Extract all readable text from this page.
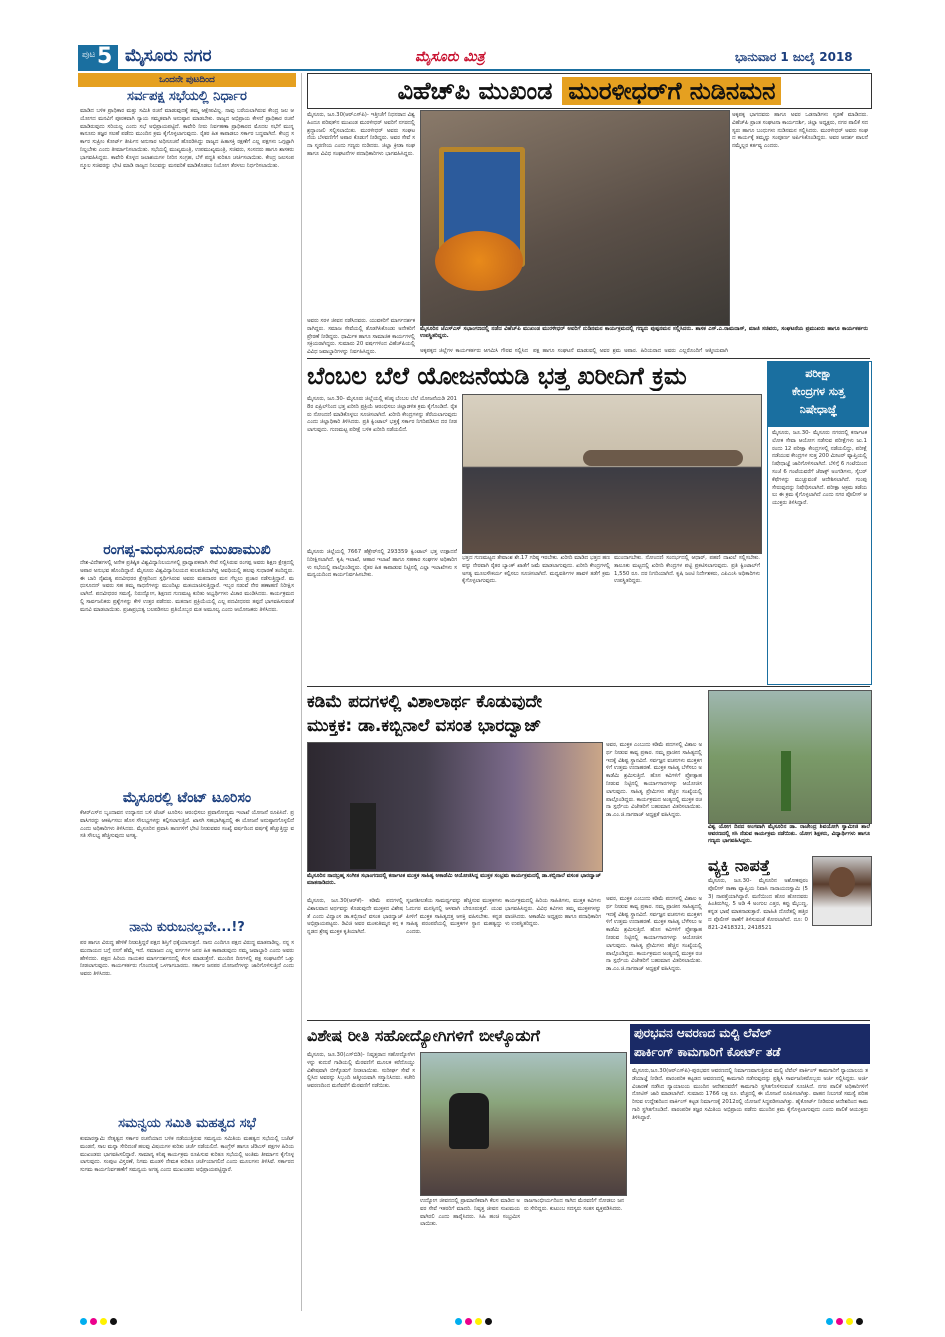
ಪುಟ 5 ಮೈಸೂರು ನಗರ	ಮೈಸೂರು ಮಿತ್ರ	ಭಾನುವಾರ 1 ಜುಲೈ 2018
ಒಂದನೇ ಪುಟದಿಂದ
ಸರ್ವಪಕ್ಷ ಸಭೆಯಲ್ಲಿ ನಿರ್ಧಾರ
ಮಾಡಿದ ಬಳಿಕ ಪ್ರಾಧಿಕಾರ ಮತ್ತು ಸಮಿತಿ ರಚನೆ ಮಾಡುವುದಕ್ಕೆ ತಮ್ಮ ಆಕ್ಷೇಪವಿಲ್ಲ. ನಾವು ಬರೆಯಲಾಗಿರುವ ಕೇಂದ್ರ ಜಲ ಆಯೋಗದ ಮನವಿಗೆ ಪೂರಕವಾಗಿ ನ್ಯಾಯ ಸಮ್ಮತವಾಗಿ ಅನುಷ್ಠಾನ ಮಾಡಬೇಕು. ರಾಜ್ಯದ ಅಭಿಪ್ರಾಯ ಕೇಳದೆ ಪ್ರಾಧಿಕಾರ ರಚನೆ ಮಾಡಿರುವುದು ಸರಿಯಲ್ಲ ಎಂದು ಸಭೆ ಅಭಿಪ್ರಾಯಪಟ್ಟಿದೆ. ಕಾವೇರಿ ನೀರು ನಿರ್ವಹಣಾ ಪ್ರಾಧಿಕಾರದ ಮೊದಲ ಸಭೆಗೆ ಮುನ್ನ ಕಾನೂನು ತಜ್ಞರ ಸಲಹೆ ಪಡೆದು ಮುಂದಿನ ಕ್ರಮ ಕೈಗೊಳ್ಳಲಾಗುವುದು. ರೈತರ ಹಿತ ಕಾಪಾಡಲು ಸರ್ಕಾರ ಬದ್ಧವಾಗಿದೆ. ಕೇಂದ್ರ ಸರ್ಕಾರ ಸುಪ್ರೀಂ ಕೋರ್ಟ್ ತೀರ್ಪಿನ ಅನುಸಾರ ಅಧಿಸೂಚನೆ ಹೊರಡಿಸಿದ್ದು ರಾಜ್ಯದ ಹಿತಾಸಕ್ತಿ ರಕ್ಷಣೆಗೆ ಎಲ್ಲ ಪಕ್ಷಗಳು ಒಗ್ಗಟ್ಟಾಗಿ ನಿಲ್ಲಬೇಕು ಎಂದು ತೀರ್ಮಾನಿಸಲಾಯಿತು. ಸಭೆಯಲ್ಲಿ ಮುಖ್ಯಮಂತ್ರಿ, ಉಪಮುಖ್ಯಮಂತ್ರಿ, ಸಚಿವರು, ಸಂಸದರು ಹಾಗೂ ಶಾಸಕರು ಭಾಗವಹಿಸಿದ್ದರು. ಕಾವೇರಿ ಕೊಳ್ಳದ ಜಲಾಶಯಗಳ ನೀರಿನ ಸಂಗ್ರಹ, ಬೆಳೆ ಪದ್ಧತಿ ಕುರಿತೂ ಚರ್ಚಿಸಲಾಯಿತು. ಕೇಂದ್ರ ಜಲಸಂಪನ್ಮೂಲ ಸಚಿವರನ್ನು ಭೇಟಿ ಮಾಡಿ ರಾಜ್ಯದ ನಿಲುವನ್ನು ಮನವರಿಕೆ ಮಾಡಿಕೊಡಲು ನಿಯೋಗ ತೆರಳಲು ನಿರ್ಧರಿಸಲಾಯಿತು.
ರಂಗಪ್ಪ-ಮಧುಸೂದನ್ ಮುಖಾಮುಖಿ
ದೇಶ-ವಿದೇಶಗಳಲ್ಲಿ ಅನೇಕ ಪ್ರತಿಷ್ಠಿತ ವಿಶ್ವವಿದ್ಯಾನಿಲಯಗಳಲ್ಲಿ ಪ್ರಾಧ್ಯಾಪಕರಾಗಿ ಸೇವೆ ಸಲ್ಲಿಸಿರುವ ರಂಗಪ್ಪ ಅವರು ಶಿಕ್ಷಣ ಕ್ಷೇತ್ರದಲ್ಲಿ ಅಪಾರ ಅನುಭವ ಹೊಂದಿದ್ದಾರೆ. ಮೈಸೂರು ವಿಶ್ವವಿದ್ಯಾನಿಲಯದ ಕುಲಪತಿಯಾಗಿದ್ದ ಅವಧಿಯಲ್ಲಿ ಹಲವು ಸುಧಾರಣೆ ತಂದಿದ್ದರು. ಈ ಬಾರಿ ನೈಋತ್ಯ ಪದವೀಧರರ ಕ್ಷೇತ್ರದಿಂದ ಸ್ಪರ್ಧಿಸಿರುವ ಅವರು ಮತದಾರರ ಮನ ಗೆಲ್ಲಲು ಪ್ರಚಾರ ನಡೆಸುತ್ತಿದ್ದಾರೆ. ಮಧುಸೂದನ್ ಅವರು ಸಹ ತಮ್ಮ ಸಾಧನೆಗಳನ್ನು ಮುಂದಿಟ್ಟು ಮತಯಾಚಿಸುತ್ತಿದ್ದಾರೆ. ಇಬ್ಬರ ನಡುವೆ ನೇರ ಹಣಾಹಣಿ ನಿರೀಕ್ಷಿಸಲಾಗಿದೆ. ಪದವೀಧರರ ಸಮಸ್ಯೆ, ನಿರುದ್ಯೋಗ, ಶಿಕ್ಷಣದ ಗುಣಮಟ್ಟ ಕುರಿತು ಅಭ್ಯರ್ಥಿಗಳು ವಿಚಾರ ಮಂಡಿಸಿದರು. ಕಾರ್ಯಕ್ರಮದಲ್ಲಿ ಸಾರ್ವಜನಿಕರು ಪ್ರಶ್ನೆಗಳನ್ನು ಕೇಳಿ ಉತ್ತರ ಪಡೆದರು. ಮತದಾನ ಪ್ರಕ್ರಿಯೆಯಲ್ಲಿ ಎಲ್ಲ ಪದವೀಧರರು ತಪ್ಪದೆ ಭಾಗವಹಿಸುವಂತೆ ಮನವಿ ಮಾಡಲಾಯಿತು. ಪ್ರಜಾಪ್ರಭುತ್ವ ಬಲಪಡಿಸಲು ಪ್ರತಿಯೊಬ್ಬರ ಮತ ಅಮೂಲ್ಯ ಎಂದು ಆಯೋಜಕರು ತಿಳಿಸಿದರು.
ಮೈಸೂರಲ್ಲಿ ಟೆಂಟ್ ಟೂರಿಸಂ
ಕೆಆರ್‌ಎಸ್‌ನ ಬೃಂದಾವನ ಉದ್ಯಾನದ ಬಳಿ ಟೆಂಟ್ ಟೂರಿಸಂ ಆರಂಭಿಸಲು ಪ್ರವಾಸೋದ್ಯಮ ಇಲಾಖೆ ಯೋಜನೆ ರೂಪಿಸಿದೆ. ಪ್ರವಾಸಿಗರನ್ನು ಆಕರ್ಷಿಸಲು ಹೊಸ ಸೌಲಭ್ಯಗಳನ್ನು ಕಲ್ಪಿಸಲಾಗುತ್ತಿದೆ. ಖಾಸಗಿ ಸಹಭಾಗಿತ್ವದಲ್ಲಿ ಈ ಯೋಜನೆ ಅನುಷ್ಠಾನಗೊಳ್ಳಲಿದೆ ಎಂದು ಅಧಿಕಾರಿಗಳು ತಿಳಿಸಿದರು. ಮೈಸೂರಿನ ಪ್ರವಾಸಿ ತಾಣಗಳಿಗೆ ಭೇಟಿ ನೀಡುವವರ ಸಂಖ್ಯೆ ವರ್ಷದಿಂದ ವರ್ಷಕ್ಕೆ ಹೆಚ್ಚುತ್ತಿದ್ದು ವಸತಿ ಸೌಲಭ್ಯ ಹೆಚ್ಚಿಸುವುದು ಅಗತ್ಯ.
ನಾನು ಕುರುಬನಲ್ಲವೇ...!?
ಪರ ಹಾಗೂ ವಿರುದ್ಧ ಹೇಳಿಕೆ ನೀಡುತ್ತಿದ್ದರೆ ಪಕ್ಷದ ಶಿಸ್ತಿಗೆ ಧಕ್ಕೆಯಾಗುತ್ತದೆ. ನಾನು ಎಂದಿಗೂ ಪಕ್ಷದ ವಿರುದ್ಧ ಮಾತನಾಡಿಲ್ಲ. ನನ್ನ ಸಮುದಾಯದ ಬಗ್ಗೆ ನನಗೆ ಹೆಮ್ಮೆ ಇದೆ. ಸಮಾಜದ ಎಲ್ಲ ವರ್ಗಗಳ ಜನರ ಹಿತ ಕಾಪಾಡುವುದು ನಮ್ಮ ಜವಾಬ್ದಾರಿ ಎಂದು ಅವರು ಹೇಳಿದರು. ಪಕ್ಷದ ಹಿರಿಯ ನಾಯಕರ ಮಾರ್ಗದರ್ಶನದಲ್ಲಿ ಕೆಲಸ ಮಾಡುತ್ತೇನೆ. ಮುಂದಿನ ದಿನಗಳಲ್ಲಿ ಪಕ್ಷ ಸಂಘಟನೆಗೆ ಒತ್ತು ನೀಡಲಾಗುವುದು. ಕಾರ್ಯಕರ್ತರು ಗೊಂದಲಕ್ಕೆ ಒಳಗಾಗಬಾರದು. ಸರ್ಕಾರ ಜನಪರ ಯೋಜನೆಗಳನ್ನು ಜಾರಿಗೊಳಿಸುತ್ತಿದೆ ಎಂದು ಅವರು ತಿಳಿಸಿದರು.
ಸಮನ್ವಯ ಸಮಿತಿ ಮಹತ್ವದ ಸಭೆ
ಕುಮಾರಸ್ವಾಮಿ ನೇತೃತ್ವದ ಸರ್ಕಾರ ರಚನೆಯಾದ ಬಳಿಕ ನಡೆಯುತ್ತಿರುವ ಸಮನ್ವಯ ಸಮಿತಿಯ ಮಹತ್ವದ ಸಭೆಯಲ್ಲಿ ಬಜೆಟ್ ಮಂಡನೆ, ಸಾಲ ಮನ್ನಾ ಸೇರಿದಂತೆ ಹಲವು ವಿಷಯಗಳ ಕುರಿತು ಚರ್ಚೆ ನಡೆಯಲಿದೆ. ಕಾಂಗ್ರೆಸ್ ಹಾಗೂ ಜೆಡಿಎಸ್ ಪಕ್ಷಗಳ ಹಿರಿಯ ಮುಖಂಡರು ಭಾಗವಹಿಸಲಿದ್ದಾರೆ. ಸಾಮಾನ್ಯ ಕನಿಷ್ಠ ಕಾರ್ಯಕ್ರಮ ರೂಪಿಸುವ ಕುರಿತೂ ಸಭೆಯಲ್ಲಿ ಅಂತಿಮ ತೀರ್ಮಾನ ಕೈಗೊಳ್ಳಲಾಗುವುದು. ಸಂಪುಟ ವಿಸ್ತರಣೆ, ನಿಗಮ ಮಂಡಳಿ ನೇಮಕ ಕುರಿತೂ ಚರ್ಚೆಯಾಗಲಿದೆ ಎಂದು ಮೂಲಗಳು ತಿಳಿಸಿವೆ. ಸರ್ಕಾರದ ಸುಗಮ ಕಾರ್ಯನಿರ್ವಹಣೆಗೆ ಸಮನ್ವಯ ಅಗತ್ಯ ಎಂದು ಮುಖಂಡರು ಅಭಿಪ್ರಾಯಪಟ್ಟಿದ್ದಾರೆ.
ವಿಹೆಚ್‌ಪಿ ಮುಖಂಡ ಮುರಳೀಧರ್‌ಗೆ ನುಡಿನಮನ
ಮೈಸೂರು, ಜೂ.30(ಆರ್‌ಎಸ್‌ಪಿ)- ಇತ್ತೀಚೆಗೆ ನಿಧನರಾದ ವಿಶ್ವ ಹಿಂದೂ ಪರಿಷತ್‌ನ ಮುಖಂಡ ಮುರಳೀಧರ್ ಅವರಿಗೆ ನಗರದಲ್ಲಿ ಶ್ರದ್ಧಾಂಜಲಿ ಸಲ್ಲಿಸಲಾಯಿತು. ಮುರಳೀಧರ್ ಅವರು ಸಂಘಟನೆಯ ಬೆಳವಣಿಗೆಗೆ ಅಪಾರ ಕೊಡುಗೆ ನೀಡಿದ್ದರು. ಅವರ ಸೇವೆ ಸದಾ ಸ್ಮರಣೀಯ ಎಂದು ಗಣ್ಯರು ನುಡಿದರು. ಜಿಲ್ಲಾ ಕ್ರೀಡಾ ಸಂಘ ಹಾಗೂ ವಿವಿಧ ಸಂಘಟನೆಗಳ ಪದಾಧಿಕಾರಿಗಳು ಭಾಗವಹಿಸಿದ್ದರು.
ಮೈಸೂರಿನ ಜೆಎಸ್‌ಎಸ್ ಸಭಾಂಗಣದಲ್ಲಿ ನಡೆದ ವಿಹೆಚ್‌ಪಿ ಮುಖಂಡ ಮುರಳೀಧರ್ ಅವರಿಗೆ ನುಡಿನಮನ ಕಾರ್ಯಕ್ರಮದಲ್ಲಿ ಗಣ್ಯರು ಪುಷ್ಪನಮನ ಸಲ್ಲಿಸಿದರು. ಶಾಸಕ ಎಸ್.ಎ.ರಾಮದಾಸ್, ಮಾಜಿ ಸಚಿವರು, ಸಂಘಟನೆಯ ಪ್ರಮುಖರು ಹಾಗೂ ಕಾರ್ಯಕರ್ತರು ಉಪಸ್ಥಿತರಿದ್ದರು.
ಅಕ್ಕಪಕ್ಕ ಭಾಗದವರು ಹಾಗೂ ಅವರ ಒಡನಾಡಿಗಳು ಸ್ಮರಣೆ ಮಾಡಿದರು. ವಿಹೆಚ್‌ಪಿ ಪ್ರಾಂತ ಸಂಘಟನಾ ಕಾರ್ಯದರ್ಶಿ, ಜಿಲ್ಲಾ ಅಧ್ಯಕ್ಷರು, ನಗರ ಪಾಲಿಕೆ ಸದಸ್ಯರು ಹಾಗೂ ಬಂಧುಗಳು ನುಡಿನಮನ ಸಲ್ಲಿಸಿದರು. ಮುರಳೀಧರ್ ಅವರು ಸಂಘದ ಕಾರ್ಯಕ್ಕೆ ತಮ್ಮನ್ನು ಸಂಪೂರ್ಣ ಅರ್ಪಿಸಿಕೊಂಡಿದ್ದರು. ಅವರ ಆದರ್ಶ ಪಾಲನೆ ನಮ್ಮೆಲ್ಲರ ಕರ್ತವ್ಯ ಎಂದರು.
ಅವರು ಸರಳ ಜೀವನ ನಡೆಸಿದವರು. ಯುವಕರಿಗೆ ಮಾರ್ಗದರ್ಶಕರಾಗಿದ್ದರು. ಸಮಾಜ ಸೇವೆಯಲ್ಲಿ ತೊಡಗಿಸಿಕೊಂಡು ಅನೇಕರಿಗೆ ಪ್ರೇರಣೆ ನೀಡಿದ್ದರು. ಧಾರ್ಮಿಕ ಹಾಗೂ ಸಾಮಾಜಿಕ ಕಾರ್ಯಗಳಲ್ಲಿ ಸಕ್ರಿಯರಾಗಿದ್ದರು. ಸುಮಾರು 20 ವರ್ಷಗಳಿಂದ ವಿಹೆಚ್‌ಪಿಯಲ್ಲಿ ವಿವಿಧ ಜವಾಬ್ದಾರಿಗಳನ್ನು ನಿರ್ವಹಿಸಿದ್ದರು.	ಅಕ್ಕಪಕ್ಕದ ಜಿಲ್ಲೆಗಳ ಕಾರ್ಯಕರ್ತರು ಆಗಮಿಸಿ ಗೌರವ ಸಲ್ಲಿಸಿದ ಪಕ್ಷ ಹಾಗೂ ಸಂಘಟನೆ ಮಾಡುವಲ್ಲಿ ಅವರ ಶ್ರಮ ಅಪಾರ. ಹಿರಿಯರಾದ ಅವರು ಎಲ್ಲರೊಂದಿಗೆ ಆತ್ಮೀಯವಾಗಿ
ಬೆಂಬಲ ಬೆಲೆ ಯೋಜನೆಯಡಿ ಭತ್ತ ಖರೀದಿಗೆ ಕ್ರಮ
ಮೈಸೂರು, ಜೂ.30- ಮೈಸೂರು ಜಿಲ್ಲೆಯಲ್ಲಿ ಕನಿಷ್ಠ ಬೆಂಬಲ ಬೆಲೆ ಯೋಜನೆಯಡಿ 2018ರ ಏಪ್ರಿಲ್‌ನಿಂದ ಭತ್ತ ಖರೀದಿ ಪ್ರಕ್ರಿಯೆ ಆರಂಭಿಸಲು ಜಿಲ್ಲಾಡಳಿತ ಕ್ರಮ ಕೈಗೊಂಡಿದೆ. ರೈತರು ನೋಂದಣಿ ಮಾಡಿಕೊಳ್ಳಲು ಸೂಚಿಸಲಾಗಿದೆ. ಖರೀದಿ ಕೇಂದ್ರಗಳನ್ನು ತೆರೆಯಲಾಗುವುದು ಎಂದು ಜಿಲ್ಲಾಧಿಕಾರಿ ತಿಳಿಸಿದರು. ಪ್ರತಿ ಕ್ವಿಂಟಾಲ್ ಭತ್ತಕ್ಕೆ ಸರ್ಕಾರ ನಿಗದಿಪಡಿಸಿದ ದರ ನೀಡಲಾಗುವುದು. ಗುಣಮಟ್ಟ ಪರೀಕ್ಷೆ ಬಳಿಕ ಖರೀದಿ ನಡೆಯಲಿದೆ.
ಭತ್ತದ ಗುಣಮಟ್ಟದ ತೇವಾಂಶ ಶೇ.17 ಗರಿಷ್ಠ ಇರಬೇಕು. ಖರೀದಿ ಮಾಡಿದ ಭತ್ತದ ಹಣವನ್ನು ನೇರವಾಗಿ ರೈತರ ಬ್ಯಾಂಕ್ ಖಾತೆಗೆ ಜಮೆ ಮಾಡಲಾಗುವುದು. ಖರೀದಿ ಕೇಂದ್ರಗಳಲ್ಲಿ ಅಗತ್ಯ ಮೂಲಸೌಕರ್ಯ ಕಲ್ಪಿಸಲು ಸೂಚಿಸಲಾಗಿದೆ. ಮಧ್ಯವರ್ತಿಗಳ ಹಾವಳಿ ತಡೆಗೆ ಕ್ರಮ ಕೈಗೊಳ್ಳಲಾಗುವುದು.
ಮೈಸೂರು ಜಿಲ್ಲೆಯಲ್ಲಿ 7667 ಹೆಕ್ಟೇರ್‌ನಲ್ಲಿ 293359 ಕ್ವಿಂಟಾಲ್ ಭತ್ತ ಉತ್ಪಾದನೆ ನಿರೀಕ್ಷಿಸಲಾಗಿದೆ. ಕೃಷಿ ಇಲಾಖೆ, ಆಹಾರ ಇಲಾಖೆ ಹಾಗೂ ಸಹಕಾರ ಸಂಘಗಳ ಅಧಿಕಾರಿಗಳು ಸಭೆಯಲ್ಲಿ ಪಾಲ್ಗೊಂಡಿದ್ದರು. ರೈತರ ಹಿತ ಕಾಪಾಡುವ ನಿಟ್ಟಿನಲ್ಲಿ ಎಲ್ಲಾ ಇಲಾಖೆಗಳು ಸಮನ್ವಯದಿಂದ ಕಾರ್ಯನಿರ್ವಹಿಸಬೇಕು.
ಮುಂದಾಗಬೇಕು. ನೋಂದಣಿ ಸಂದರ್ಭದಲ್ಲಿ ಆಧಾರ್, ಪಹಣಿ ದಾಖಲೆ ಸಲ್ಲಿಸಬೇಕು. ತಾಲೂಕು ಮಟ್ಟದಲ್ಲಿ ಖರೀದಿ ಕೇಂದ್ರಗಳ ಪಟ್ಟಿ ಪ್ರಕಟಿಸಲಾಗುವುದು. ಪ್ರತಿ ಕ್ವಿಂಟಾಲ್‌ಗೆ 1,550 ರೂ. ದರ ನಿಗದಿಯಾಗಿದೆ. ಕೃಷಿ ಜಂಟಿ ನಿರ್ದೇಶಕರು, ಎಪಿಎಂಸಿ ಅಧಿಕಾರಿಗಳು ಉಪಸ್ಥಿತರಿದ್ದರು.
ಪರೀಕ್ಷಾ
ಕೇಂದ್ರಗಳ ಸುತ್ತ
ನಿಷೇಧಾಜ್ಞೆ
ಮೈಸೂರು, ಜೂ.30- ಮೈಸೂರು ನಗರದಲ್ಲಿ ಕರ್ನಾಟಕ ಲೋಕ ಸೇವಾ ಆಯೋಗ ನಡೆಸುವ ಪರೀಕ್ಷೆಗಳು ಜು.1ರಂದು 12 ಪರೀಕ್ಷಾ ಕೇಂದ್ರಗಳಲ್ಲಿ ನಡೆಯಲಿದ್ದು, ಪರೀಕ್ಷೆ ನಡೆಯುವ ಕೇಂದ್ರಗಳ ಸುತ್ತ 200 ಮೀಟರ್ ವ್ಯಾಪ್ತಿಯಲ್ಲಿ ನಿಷೇಧಾಜ್ಞೆ ಜಾರಿಗೊಳಿಸಲಾಗಿದೆ. ಬೆಳಿಗ್ಗೆ 6 ಗಂಟೆಯಿಂದ ಸಂಜೆ 6 ಗಂಟೆಯವರೆಗೆ ಜೆರಾಕ್ಸ್ ಅಂಗಡಿಗಳು, ಸೈಬರ್ ಕೆಫೆಗಳನ್ನು ಮುಚ್ಚುವಂತೆ ಆದೇಶಿಸಲಾಗಿದೆ. ಗುಂಪು ಸೇರುವುದನ್ನು ನಿಷೇಧಿಸಲಾಗಿದೆ. ಪರೀಕ್ಷಾ ಅಕ್ರಮ ತಡೆಯಲು ಈ ಕ್ರಮ ಕೈಗೊಳ್ಳಲಾಗಿದೆ ಎಂದು ನಗರ ಪೊಲೀಸ್ ಆಯುಕ್ತರು ತಿಳಿಸಿದ್ದಾರೆ.
ಕಡಿಮೆ ಪದಗಳಲ್ಲಿ ವಿಶಾಲಾರ್ಥ ಕೊಡುವುದೇ
ಮುಕ್ತಕ: ಡಾ.ಕಬ್ಬಿನಾಲೆ ವಸಂತ ಭಾರದ್ವಾಜ್
ಅವರ, ಮುಕ್ತಕ ಎಂಬುದು ಕಡಿಮೆ ಪದಗಳಲ್ಲಿ ವಿಶಾಲ ಅರ್ಥ ನೀಡುವ ಕಾವ್ಯ ಪ್ರಕಾರ. ನಮ್ಮ ಪ್ರಾಚೀನ ಸಾಹಿತ್ಯದಲ್ಲಿ ಇದಕ್ಕೆ ವಿಶಿಷ್ಟ ಸ್ಥಾನವಿದೆ. ಸರ್ವಜ್ಞನ ವಚನಗಳು ಮುಕ್ತಕಗಳಿಗೆ ಉತ್ತಮ ಉದಾಹರಣೆ. ಮುಕ್ತಕ ಸಾಹಿತ್ಯ ಬೆಳೆಸಲು ಅಕಾಡೆಮಿ ಶ್ರಮಿಸುತ್ತಿದೆ. ಹೊಸ ಕವಿಗಳಿಗೆ ಪ್ರೋತ್ಸಾಹ ನೀಡುವ ನಿಟ್ಟಿನಲ್ಲಿ ಕಾರ್ಯಾಗಾರಗಳನ್ನು ಆಯೋಜಿಸಲಾಗುವುದು. ಸಾಹಿತ್ಯ ಪ್ರೇಮಿಗಳು ಹೆಚ್ಚಿನ ಸಂಖ್ಯೆಯಲ್ಲಿ ಪಾಲ್ಗೊಂಡಿದ್ದರು. ಕಾರ್ಯಕ್ರಮದ ಅಂತ್ಯದಲ್ಲಿ ಮುಕ್ತಕ ರಚನಾ ಸ್ಪರ್ಧೆಯ ವಿಜೇತರಿಗೆ ಬಹುಮಾನ ವಿತರಿಸಲಾಯಿತು. ಡಾ.ಎಂ.ಜಿ.ನಾಗರಾಜ್ ಅಧ್ಯಕ್ಷತೆ ವಹಿಸಿದ್ದರು.
ಮೈಸೂರಿನ ನಾದಬ್ರಹ್ಮ ಸಂಗೀತ ಸಭಾಂಗಣದಲ್ಲಿ ಕರ್ನಾಟಕ ಮುಕ್ತಕ ಸಾಹಿತ್ಯ ಅಕಾಡೆಮಿ ಆಯೋಜಿಸಿದ್ದ ಮುಕ್ತಕ ಸಂಭ್ರಮ ಕಾರ್ಯಕ್ರಮದಲ್ಲಿ ಡಾ.ಕಬ್ಬಿನಾಲೆ ವಸಂತ ಭಾರದ್ವಾಜ್ ಮಾತನಾಡಿದರು.
ಮೈಸೂರು, ಜೂ.30(ಆರ್‌ಕೆ)- ಕಡಿಮೆ ಪದಗಳಲ್ಲಿ ವಿಶಾಲವಾದ ಅರ್ಥವನ್ನು ಕೊಡುವುದೇ ಮುಕ್ತಕದ ವಿಶೇಷತೆ ಎಂದು ವಿದ್ವಾಂಸ ಡಾ.ಕಬ್ಬಿನಾಲೆ ವಸಂತ ಭಾರದ್ವಾಜ್ ಅಭಿಪ್ರಾಯಪಟ್ಟರು. ಡಿವಿಜಿ ಅವರ ಮಂಕುತಿಮ್ಮನ ಕಗ್ಗ ಕನ್ನಡದ ಶ್ರೇಷ್ಠ ಮುಕ್ತಕ ಕೃತಿಯಾಗಿದೆ.
ಸೃಜನಶೀಲತೆಯ ಸಾಮರ್ಥ್ಯವನ್ನು ಹೆಚ್ಚಿಸುವ ಮುಕ್ತಕಗಳು ಓದುಗರ ಮನಸ್ಸಿನಲ್ಲಿ ಆಳವಾಗಿ ಬೇರೂರುತ್ತವೆ. ಯುವ ಪೀಳಿಗೆ ಮುಕ್ತಕ ಸಾಹಿತ್ಯದತ್ತ ಆಸಕ್ತಿ ವಹಿಸಬೇಕು. ಕನ್ನಡ ಸಾಹಿತ್ಯ ಪರಂಪರೆಯಲ್ಲಿ ಮುಕ್ತಕಗಳ ಸ್ಥಾನ ಮಹತ್ವದ್ದು ಎಂದರು.
ಕಾರ್ಯಕ್ರಮದಲ್ಲಿ ಹಿರಿಯ ಸಾಹಿತಿಗಳು, ಮುಕ್ತಕ ಕವಿಗಳು ಭಾಗವಹಿಸಿದ್ದರು. ವಿವಿಧ ಕವಿಗಳು ತಮ್ಮ ಮುಕ್ತಕಗಳನ್ನು ವಾಚಿಸಿದರು. ಅಕಾಡೆಮಿ ಅಧ್ಯಕ್ಷರು ಹಾಗೂ ಪದಾಧಿಕಾರಿಗಳು ಉಪಸ್ಥಿತರಿದ್ದರು.
ಅವರ, ಮುಕ್ತಕ ಎಂಬುದು ಕಡಿಮೆ ಪದಗಳಲ್ಲಿ ವಿಶಾಲ ಅರ್ಥ ನೀಡುವ ಕಾವ್ಯ ಪ್ರಕಾರ. ನಮ್ಮ ಪ್ರಾಚೀನ ಸಾಹಿತ್ಯದಲ್ಲಿ ಇದಕ್ಕೆ ವಿಶಿಷ್ಟ ಸ್ಥಾನವಿದೆ. ಸರ್ವಜ್ಞನ ವಚನಗಳು ಮುಕ್ತಕಗಳಿಗೆ ಉತ್ತಮ ಉದಾಹರಣೆ. ಮುಕ್ತಕ ಸಾಹಿತ್ಯ ಬೆಳೆಸಲು ಅಕಾಡೆಮಿ ಶ್ರಮಿಸುತ್ತಿದೆ. ಹೊಸ ಕವಿಗಳಿಗೆ ಪ್ರೋತ್ಸಾಹ ನೀಡುವ ನಿಟ್ಟಿನಲ್ಲಿ ಕಾರ್ಯಾಗಾರಗಳನ್ನು ಆಯೋಜಿಸಲಾಗುವುದು. ಸಾಹಿತ್ಯ ಪ್ರೇಮಿಗಳು ಹೆಚ್ಚಿನ ಸಂಖ್ಯೆಯಲ್ಲಿ ಪಾಲ್ಗೊಂಡಿದ್ದರು. ಕಾರ್ಯಕ್ರಮದ ಅಂತ್ಯದಲ್ಲಿ ಮುಕ್ತಕ ರಚನಾ ಸ್ಪರ್ಧೆಯ ವಿಜೇತರಿಗೆ ಬಹುಮಾನ ವಿತರಿಸಲಾಯಿತು. ಡಾ.ಎಂ.ಜಿ.ನಾಗರಾಜ್ ಅಧ್ಯಕ್ಷತೆ ವಹಿಸಿದ್ದರು.
ವಿಶ್ವ ಯೋಗ ದಿನದ ಅಂಗವಾಗಿ ಮೈಸೂರಿನ ಡಾ. ರಾಜೇಂದ್ರ ಶಿವಯೋಗಿ ಸ್ವಾಮೀಜಿ ಶಾಲೆ ಆವರಣದಲ್ಲಿ ಸಸಿ ನೆಡುವ ಕಾರ್ಯಕ್ರಮ ನಡೆಯಿತು. ಯೋಗ ಶಿಕ್ಷಕರು, ವಿದ್ಯಾರ್ಥಿಗಳು ಹಾಗೂ ಗಣ್ಯರು ಭಾಗವಹಿಸಿದ್ದರು.
ವ್ಯಕ್ತಿ ನಾಪತ್ತೆ
ಮೈಸೂರು, ಜೂ.30- ಮೈಸೂರಿನ ಅಶೋಕಪುರಂ ಪೊಲೀಸ್ ಠಾಣಾ ವ್ಯಾಪ್ತಿಯ ನಿವಾಸಿ ನಾರಾಯಣಸ್ವಾಮಿ (53) ನಾಪತ್ತೆಯಾಗಿದ್ದಾರೆ. ಮನೆಯಿಂದ ಹೊರ ಹೋದವರು ಹಿಂತಿರುಗಿಲ್ಲ. 5 ಅಡಿ 4 ಅಂಗುಲ ಎತ್ತರ, ಕಪ್ಪು ಮೈಬಣ್ಣ, ಕನ್ನಡ ಭಾಷೆ ಮಾತನಾಡುತ್ತಾರೆ. ಮಾಹಿತಿ ದೊರೆತಲ್ಲಿ ಹತ್ತಿರದ ಪೊಲೀಸ್ ಠಾಣೆಗೆ ತಿಳಿಸುವಂತೆ ಕೋರಲಾಗಿದೆ. ದೂ: 0821-2418321, 2418521
ವಿಶೇಷ ರೀತಿ ಸಹೋದ್ಯೋಗಿಗಳಿಗೆ ಬೀಳ್ಕೊಡುಗೆ
ಮೈಸೂರು, ಜೂ.30(ಎಸ್‌ಬಿಡಿ)- ನಿವೃತ್ತರಾದ ಸಹೋದ್ಯೋಗಿಗಳನ್ನು ಕುದುರೆ ಗಾಡಿಯಲ್ಲಿ ಮೆರವಣಿಗೆ ಮೂಲಕ ಕರೆದೊಯ್ದು ವಿಶೇಷವಾಗಿ ಬೀಳ್ಕೊಡುಗೆ ನೀಡಲಾಯಿತು. ಸುದೀರ್ಘ ಸೇವೆ ಸಲ್ಲಿಸಿದ ಅವರನ್ನು ಸಿಬ್ಬಂದಿ ಆತ್ಮೀಯವಾಗಿ ಸನ್ಮಾನಿಸಿದರು. ಕಚೇರಿ ಆವರಣದಿಂದ ಮನೆವರೆಗೆ ಮೆರವಣಿಗೆ ನಡೆಯಿತು.
ಉದ್ಯೋಗ ಜೀವನದಲ್ಲಿ ಪ್ರಾಮಾಣಿಕವಾಗಿ ಕೆಲಸ ಮಾಡಿದ ಅವರ ಸೇವೆ ಇತರರಿಗೆ ಮಾದರಿ. ನಿವೃತ್ತ ಜೀವನ ಸುಖಮಯವಾಗಿರಲಿ ಎಂದು ಹಾರೈಸಿದರು. ಸಿಹಿ ಹಂಚಿ ಸಂಭ್ರಮಿಸಲಾಯಿತು.
ರಾಜಗಾಂಭೀರ್ಯದಿಂದ ಸಾಗಿದ ಮೆರವಣಿಗೆ ನೋಡಲು ಜನರು ಸೇರಿದ್ದರು. ಕುಟುಂಬ ಸದಸ್ಯರು ಸಂತಸ ವ್ಯಕ್ತಪಡಿಸಿದರು.
ಪುರಭವನ ಆವರಣದ ಮಲ್ಟಿ ಲೆವೆಲ್
ಪಾರ್ಕಿಂಗ್ ಕಾಮಗಾರಿಗೆ ಕೋರ್ಟ್ ತಡೆ
ಮೈಸೂರು,ಜೂ.30(ಆರ್‌ಎಸ್‌ಪಿ)-ಪುರಭವನ ಆವರಣದಲ್ಲಿ ನಿರ್ಮಾಣವಾಗುತ್ತಿರುವ ಮಲ್ಟಿ ಲೆವೆಲ್ ಪಾರ್ಕಿಂಗ್ ಕಾಮಗಾರಿಗೆ ನ್ಯಾಯಾಲಯ ತಡೆಯಾಜ್ಞೆ ನೀಡಿದೆ. ಪಾರಂಪರಿಕ ಕಟ್ಟಡದ ಆವರಣದಲ್ಲಿ ಕಾಮಗಾರಿ ನಡೆಸುವುದನ್ನು ಪ್ರಶ್ನಿಸಿ ಸಾರ್ವಜನಿಕರೊಬ್ಬರು ಅರ್ಜಿ ಸಲ್ಲಿಸಿದ್ದರು. ಅರ್ಜಿ ವಿಚಾರಣೆ ನಡೆಸಿದ ನ್ಯಾಯಾಲಯ ಮುಂದಿನ ಆದೇಶದವರೆಗೆ ಕಾಮಗಾರಿ ಸ್ಥಗಿತಗೊಳಿಸುವಂತೆ ಸೂಚಿಸಿದೆ. ನಗರ ಪಾಲಿಕೆ ಅಧಿಕಾರಿಗಳಿಗೆ ನೋಟಿಸ್ ಜಾರಿ ಮಾಡಲಾಗಿದೆ. ಸುಮಾರು 1766 ಲಕ್ಷ ರೂ. ವೆಚ್ಚದಲ್ಲಿ ಈ ಯೋಜನೆ ರೂಪಿಸಲಾಗಿತ್ತು. ವಾಹನ ನಿಲುಗಡೆ ಸಮಸ್ಯೆ ಪರಿಹರಿಸುವ ಉದ್ದೇಶದಿಂದ ಪಾರ್ಕಿಂಗ್ ಕಟ್ಟಡ ನಿರ್ಮಾಣಕ್ಕೆ 2012ರಲ್ಲಿ ಯೋಜನೆ ಸಿದ್ಧಪಡಿಸಲಾಗಿತ್ತು. ಹೈಕೋರ್ಟ್ ನೀಡಿರುವ ಆದೇಶದಿಂದ ಕಾಮಗಾರಿ ಸ್ಥಗಿತಗೊಂಡಿದೆ. ಪಾರಂಪರಿಕ ತಜ್ಞರ ಸಮಿತಿಯ ಅಭಿಪ್ರಾಯ ಪಡೆದು ಮುಂದಿನ ಕ್ರಮ ಕೈಗೊಳ್ಳಲಾಗುವುದು ಎಂದು ಪಾಲಿಕೆ ಆಯುಕ್ತರು ತಿಳಿಸಿದ್ದಾರೆ.
